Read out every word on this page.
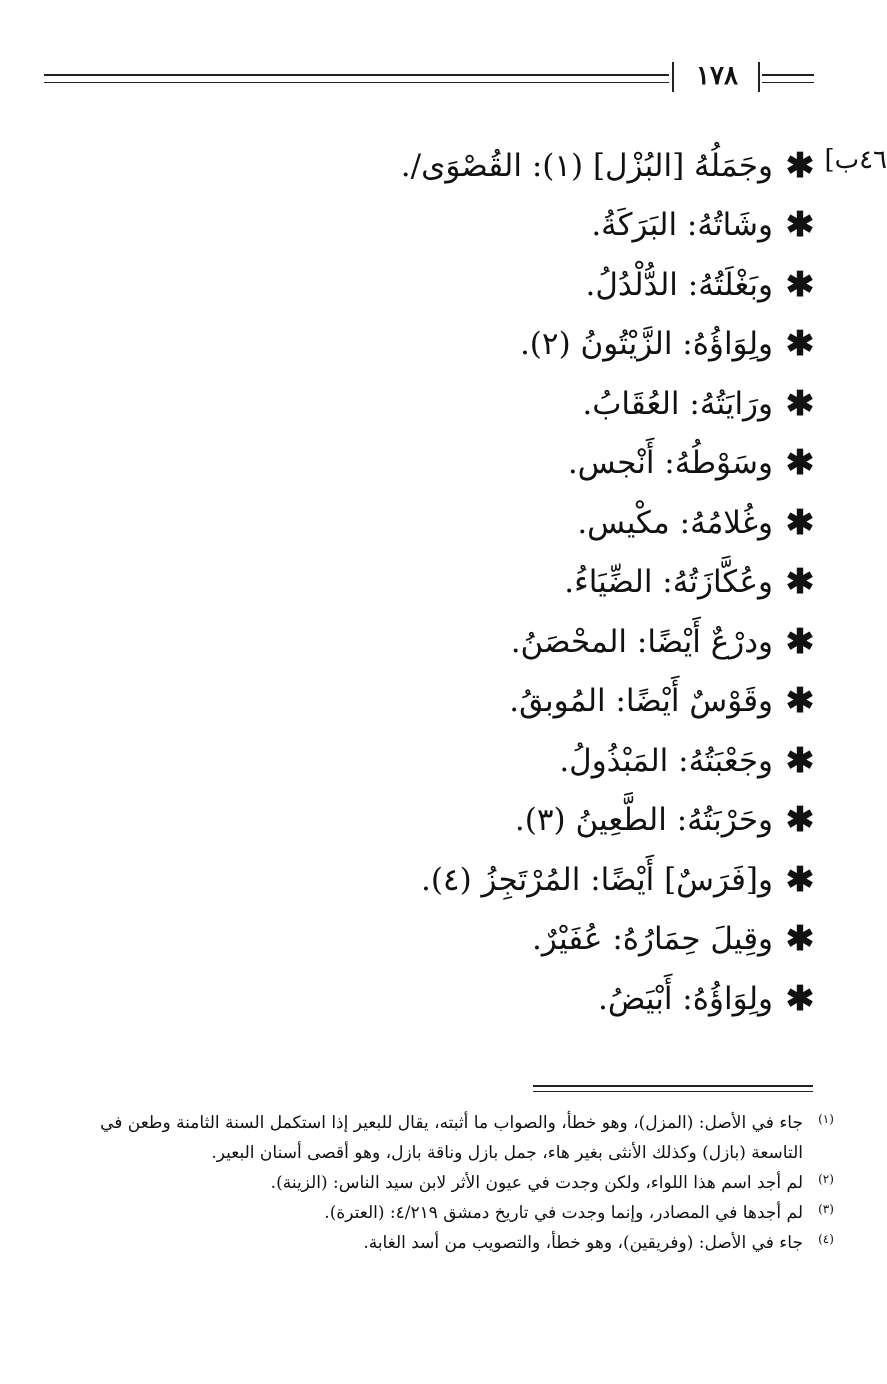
١٧٨
٤٦ب]
✱
وجَمَلُهُ [البُزْل] (١): القُصْوَى/.
✱
وشَاتُهُ: البَرَكَةُ.
✱
وبَغْلَتُهُ: الدُّلْدُلُ.
✱
ولِوَاؤُهُ: الزَّيْتُونُ (٢).
✱
ورَايَتُهُ: العُقَابُ.
✱
وسَوْطُهُ: أَنْجس.
✱
وغُلامُهُ: مكْيس.
✱
وعُكَّازَتُهُ: الضِّيَاءُ.
✱
ودرْعٌ أَيْضًا: المحْصَنُ.
✱
وقَوْسٌ أَيْضًا: المُوبقُ.
✱
وجَعْبَتُهُ: المَبْذُولُ.
✱
وحَرْبَتُهُ: الطَّعِينُ (٣).
✱
و[فَرَسٌ] أَيْضًا: المُرْتَجِزُ (٤).
✱
وقِيلَ حِمَارُهُ: عُفَيْرٌ.
✱
ولِوَاؤُهُ: أَبْيَضُ.
(١)
جاء في الأصل: (المزل)، وهو خطأ، والصواب ما أثبته، يقال للبعير إذا استكمل السنة الثامنة وطعن في التاسعة (بازل) وكذلك الأنثى بغير هاء، جمل بازل وناقة بازل، وهو أقصى أسنان البعير.
(٢)
لم أجد اسم هذا اللواء، ولكن وجدت في عيون الأثر لابن سيد الناس: (الزينة).
(٣)
لم أجدها في المصادر، وإنما وجدت في تاريخ دمشق ٤/٢١٩: (العترة).
(٤)
جاء في الأصل: (وفريقين)، وهو خطأ، والتصويب من أسد الغابة.
